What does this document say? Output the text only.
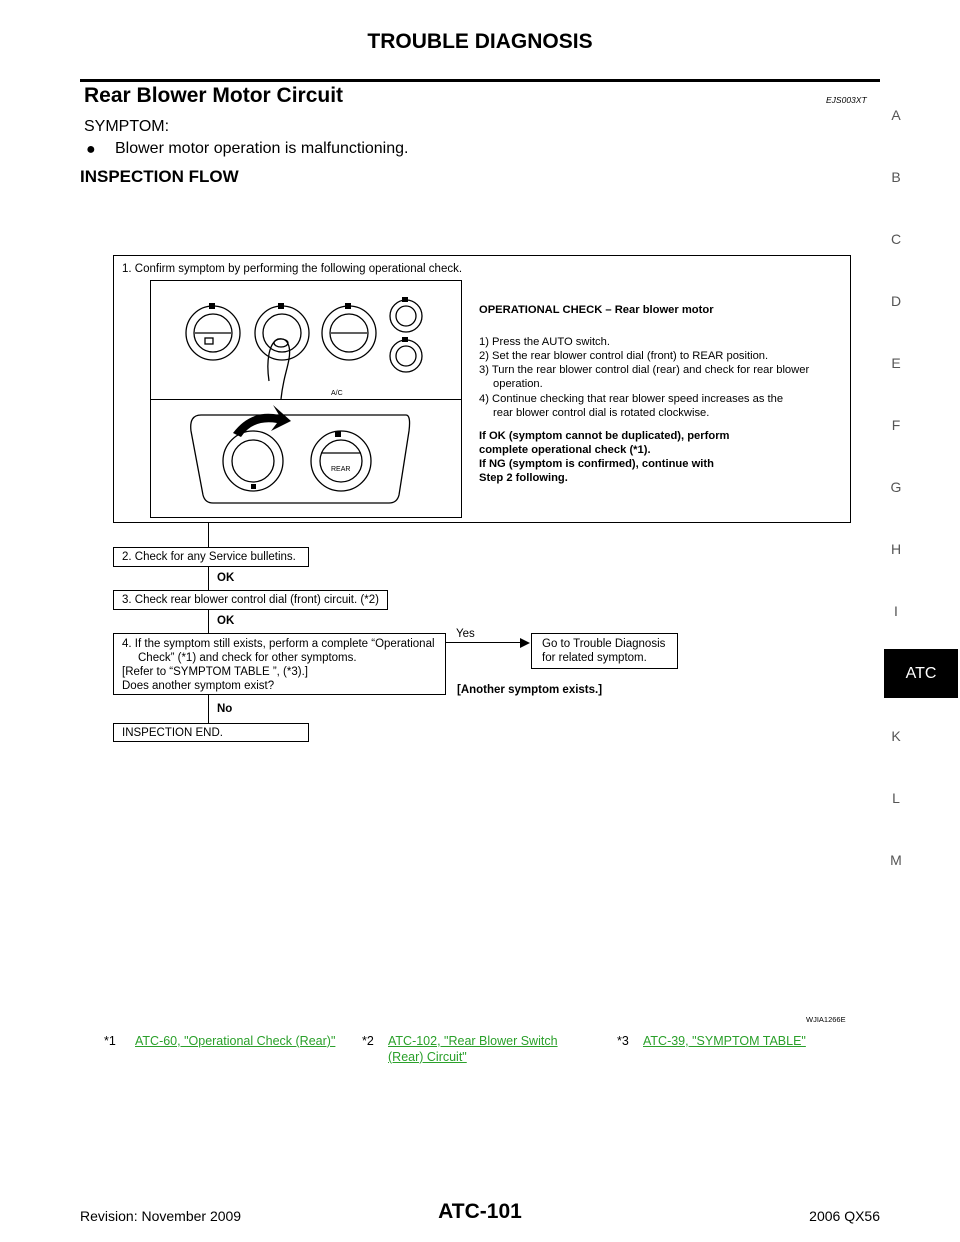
TROUBLE DIAGNOSIS
Rear Blower Motor Circuit	EJS003XT
SYMPTOM:
● Blower motor operation is malfunctioning.
INSPECTION FLOW
A
B
C
D
E
F
G
H
I
ATC
K
L
M
1. Confirm symptom by performing the following operational check.
A/C
REAR
OPERATIONAL CHECK – Rear blower motor
1) Press the AUTO switch.
2) Set the rear blower control dial (front) to REAR position.
3) Turn the rear blower control dial (rear) and check for rear blower
operation.
4) Continue checking that rear blower speed increases as the
rear blower control dial is rotated clockwise.
If OK (symptom cannot be duplicated), perform
complete operational check (*1).
If NG (symptom is confirmed), continue with
Step 2 following.
2. Check for any Service bulletins.
OK
3. Check rear blower control dial (front) circuit. (*2)
OK
4. If the symptom still exists, perform a complete “Operational
Check” (*1) and check for other symptoms.
[Refer to “SYMPTOM TABLE ”, (*3).]
Does another symptom exist?
Yes
Go to Trouble Diagnosis
for related symptom.
[Another symptom exists.]
No
INSPECTION END.
WJIA1266E
*1 ATC-60, "Operational Check (Rear)" *2 ATC-102, "Rear Blower Switch
(Rear) Circuit"
*3 ATC-39, "SYMPTOM TABLE"
Revision: November 2009	ATC-101	2006 QX56
